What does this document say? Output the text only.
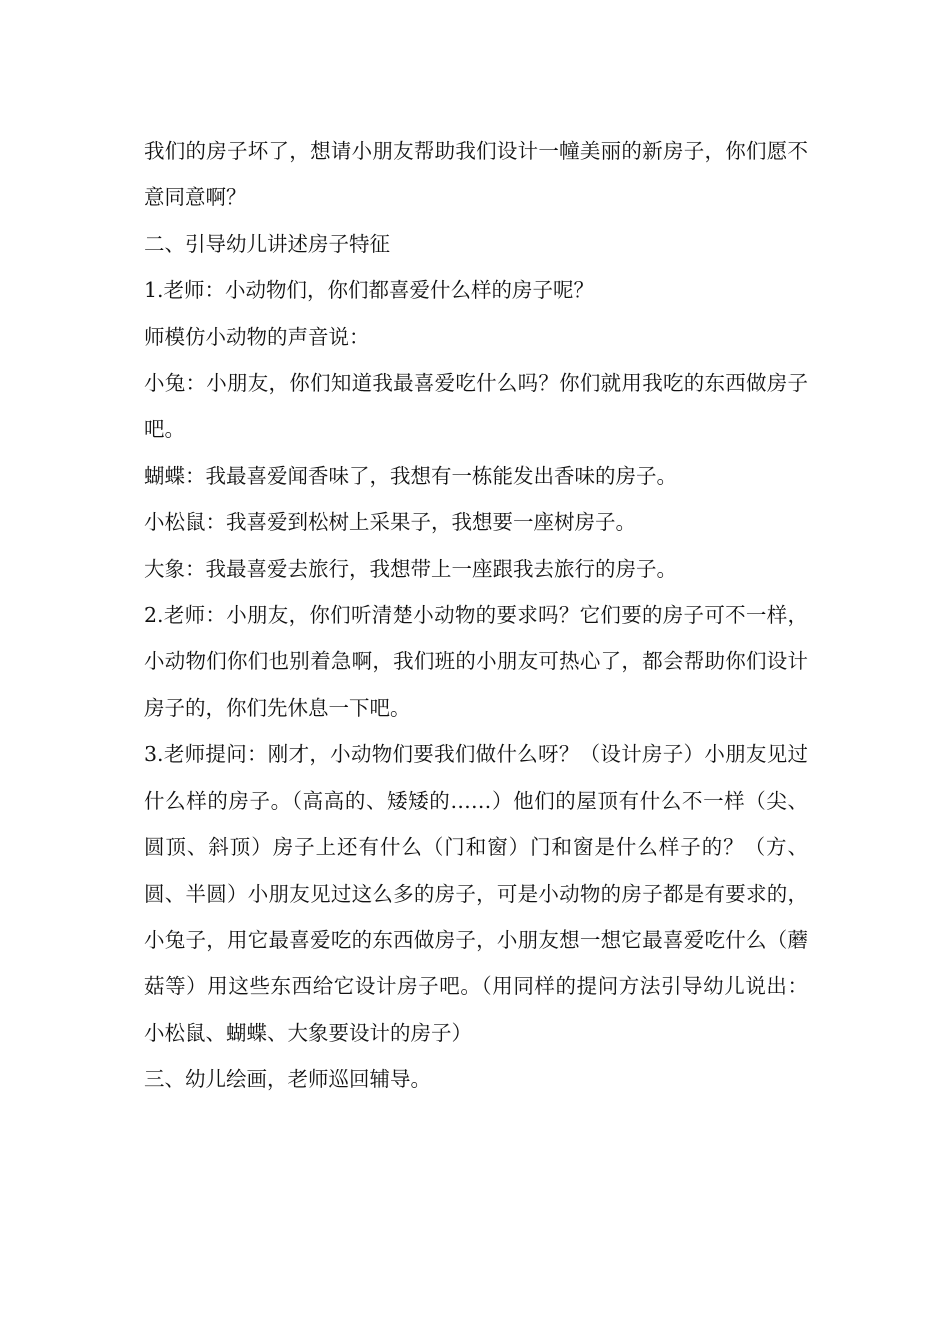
我们的房子坏了，想请小朋友帮助我们设计一幢美丽的新房子，你们愿不意同意啊？

二、引导幼儿讲述房子特征

1.老师：小动物们，你们都喜爱什么样的房子呢？

师模仿小动物的声音说：

小兔：小朋友，你们知道我最喜爱吃什么吗？你们就用我吃的东西做房子吧。

蝴蝶：我最喜爱闻香味了，我想有一栋能发出香味的房子。

小松鼠：我喜爱到松树上采果子，我想要一座树房子。

大象：我最喜爱去旅行，我想带上一座跟我去旅行的房子。

2.老师：小朋友，你们听清楚小动物的要求吗？它们要的房子可不一样，小动物们你们也别着急啊，我们班的小朋友可热心了，都会帮助你们设计房子的，你们先休息一下吧。

3.老师提问：刚才，小动物们要我们做什么呀？（设计房子）小朋友见过什么样的房子。（高高的、矮矮的……）他们的屋顶有什么不一样（尖、圆顶、斜顶）房子上还有什么（门和窗）门和窗是什么样子的？（方、圆、半圆）小朋友见过这么多的房子，可是小动物的房子都是有要求的，小兔子，用它最喜爱吃的东西做房子，小朋友想一想它最喜爱吃什么（蘑菇等）用这些东西给它设计房子吧。（用同样的提问方法引导幼儿说出：小松鼠、蝴蝶、大象要设计的房子）

三、幼儿绘画，老师巡回辅导。
